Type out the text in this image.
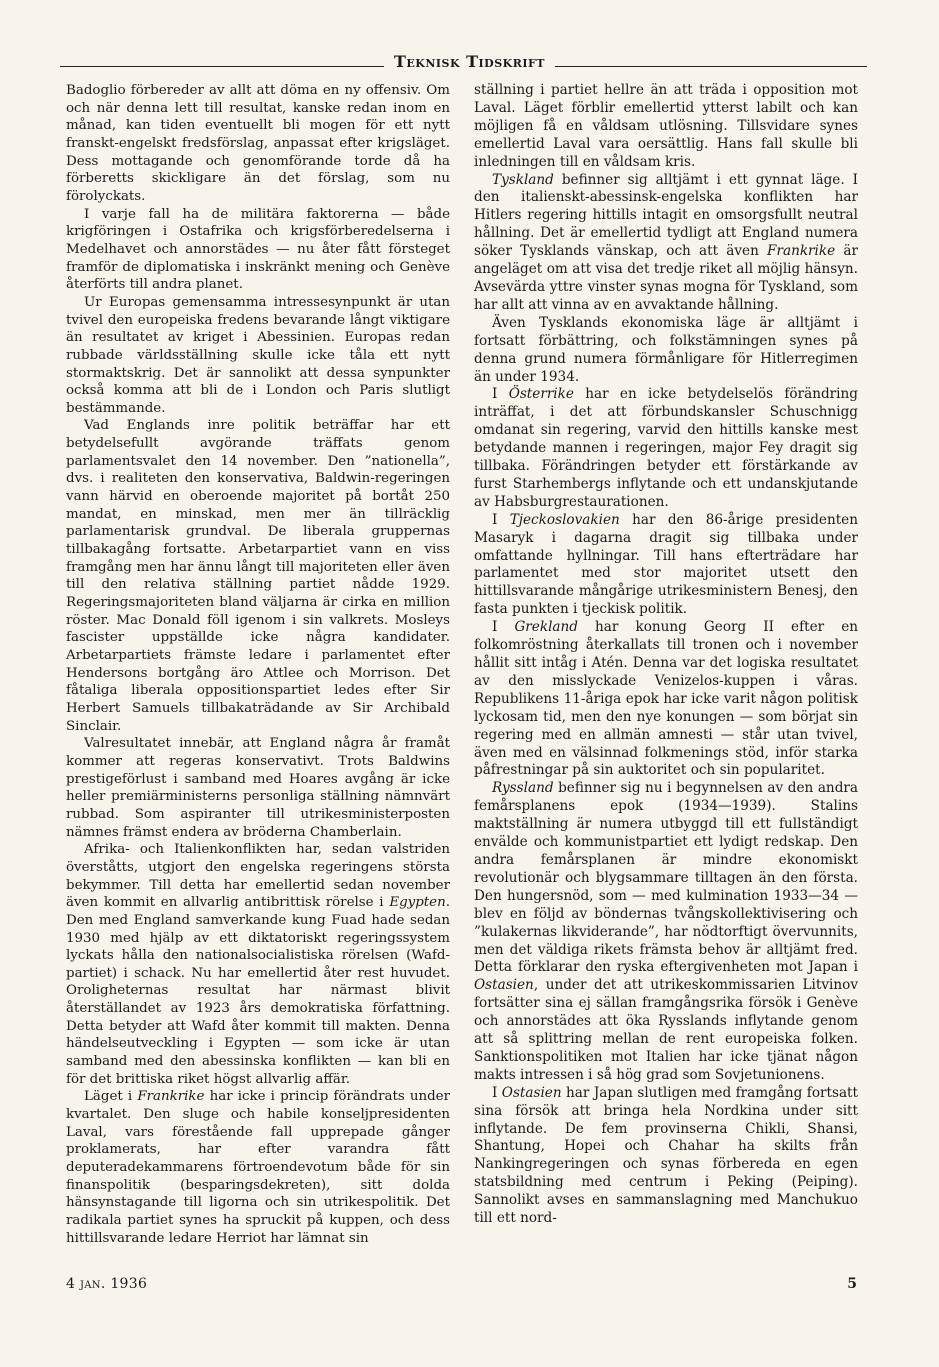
Teknisk Tidskrift

Badoglio förbereder av allt att döma en ny offensiv. Om och när denna lett till resultat, kanske redan inom en månad, kan tiden eventuellt bli mogen för ett nytt franskt-engelskt fredsförslag, anpassat efter krigsläget. Dess mottagande och genomförande torde då ha förberetts skickligare än det förslag, som nu förolyckats.

I varje fall ha de militära faktorerna — både krigföringen i Ostafrika och krigsförberedelserna i Medelhavet och annorstädes — nu åter fått försteget framför de diplomatiska i inskränkt mening och Genève återförts till andra planet.

Ur Europas gemensamma intressesynpunkt är utan tvivel den europeiska fredens bevarande långt viktigare än resultatet av kriget i Abessinien. Europas redan rubbade världsställning skulle icke tåla ett nytt stormaktskrig. Det är sannolikt att dessa synpunkter också komma att bli de i London och Paris slutligt bestämmande.

Vad Englands inre politik beträffar har ett betydelsefullt avgörande träffats genom parlamentsvalet den 14 november. Den ”nationella”, dvs. i realiteten den konservativa, Baldwin-regeringen vann härvid en oberoende majoritet på bortåt 250 mandat, en minskad, men mer än tillräcklig parlamentarisk grundval. De liberala gruppernas tillbakagång fortsatte. Arbetarpartiet vann en viss framgång men har ännu långt till majoriteten eller även till den relativa ställning partiet nådde 1929. Regeringsmajoriteten bland väljarna är cirka en million röster. Mac Donald föll igenom i sin valkrets. Mosleys fascister uppställde icke några kandidater. Arbetarpartiets främste ledare i parlamentet efter Hendersons bortgång äro Attlee och Morrison. Det fåtaliga liberala oppositionspartiet ledes efter Sir Herbert Samuels tillbakaträdande av Sir Archibald Sinclair.

Valresultatet innebär, att England några år framåt kommer att regeras konservativt. Trots Baldwins prestigeförlust i samband med Hoares avgång är icke heller premiärministerns personliga ställning nämnvärt rubbad. Som aspiranter till utrikesministerposten nämnes främst endera av bröderna Chamberlain.

Afrika- och Italienkonflikten har, sedan valstriden överståtts, utgjort den engelska regeringens största bekymmer. Till detta har emellertid sedan november även kommit en allvarlig antibrittisk rörelse i Egypten. Den med England samverkande kung Fuad hade sedan 1930 med hjälp av ett diktatoriskt regeringssystem lyckats hålla den nationalsocialistiska rörelsen (Wafd-partiet) i schack. Nu har emellertid åter rest huvudet. Oroligheternas resultat har närmast blivit återställandet av 1923 års demokratiska författning. Detta betyder att Wafd åter kommit till makten. Denna händelseutveckling i Egypten — som icke är utan samband med den abessinska konflikten — kan bli en för det brittiska riket högst allvarlig affär.

Läget i Frankrike har icke i princip förändrats under kvartalet. Den sluge och habile konseljpresidenten Laval, vars förestående fall upprepade gånger proklamerats, har efter varandra fått deputeradekammarens förtroendevotum både för sin finanspolitik (besparingsdekreten), sitt dolda hänsynstagande till ligorna och sin utrikespolitik. Det radikala partiet synes ha spruckit på kuppen, och dess hittillsvarande ledare Herriot har lämnat sin

ställning i partiet hellre än att träda i opposition mot Laval. Läget förblir emellertid ytterst labilt och kan möjligen få en våldsam utlösning. Tillsvidare synes emellertid Laval vara oersättlig. Hans fall skulle bli inledningen till en våldsam kris.

Tyskland befinner sig alltjämt i ett gynnat läge. I den italienskt-abessinsk-engelska konflikten har Hitlers regering hittills intagit en omsorgsfullt neutral hållning. Det är emellertid tydligt att England numera söker Tysklands vänskap, och att även Frankrike är angeläget om att visa det tredje riket all möjlig hänsyn. Avsevärda yttre vinster synas mogna för Tyskland, som har allt att vinna av en avvaktande hållning.

Även Tysklands ekonomiska läge är alltjämt i fortsatt förbättring, och folkstämningen synes på denna grund numera förmånligare för Hitlerregimen än under 1934.

I Österrike har en icke betydelselös förändring inträffat, i det att förbundskansler Schuschnigg omdanat sin regering, varvid den hittills kanske mest betydande mannen i regeringen, major Fey dragit sig tillbaka. Förändringen betyder ett förstärkande av furst Starhembergs inflytande och ett undanskjutande av Habsburgrestaurationen.

I Tjeckoslovakien har den 86-årige presidenten Masaryk i dagarna dragit sig tillbaka under omfattande hyllningar. Till hans efterträdare har parlamentet med stor majoritet utsett den hittillsvarande mångårige utrikesministern Benesj, den fasta punkten i tjeckisk politik.

I Grekland har konung Georg II efter en folkomröstning återkallats till tronen och i november hållit sitt intåg i Atén. Denna var det logiska resultatet av den misslyckade Venizelos-kuppen i våras. Republikens 11-åriga epok har icke varit någon politisk lyckosam tid, men den nye konungen — som börjat sin regering med en allmän amnesti — står utan tvivel, även med en välsinnad folkmenings stöd, inför starka påfrestningar på sin auktoritet och sin popularitet.

Ryssland befinner sig nu i begynnelsen av den andra femårsplanens epok (1934—1939). Stalins maktställning är numera utbyggd till ett fullständigt envälde och kommunistpartiet ett lydigt redskap. Den andra femårsplanen är mindre ekonomiskt revolutionär och blygsammare tilltagen än den första. Den hungersnöd, som — med kulmination 1933—34 — blev en följd av böndernas tvångskollektivisering och ”kulakernas likviderande”, har nödtorftigt övervunnits, men det väldiga rikets främsta behov är alltjämt fred. Detta förklarar den ryska eftergivenheten mot Japan i Ostasien, under det att utrikeskommissarien Litvinov fortsätter sina ej sällan framgångsrika försök i Genève och annorstädes att öka Rysslands inflytande genom att så splittring mellan de rent europeiska folken. Sanktionspolitiken mot Italien har icke tjänat någon makts intressen i så hög grad som Sovjetunionens.

I Ostasien har Japan slutligen med framgång fortsatt sina försök att bringa hela Nordkina under sitt inflytande. De fem provinserna Chikli, Shansi, Shantung, Hopei och Chahar ha skilts från Nankingregeringen och synas förbereda en egen statsbildning med centrum i Peking (Peiping). Sannolikt avses en sammanslagning med Manchukuo till ett nord-

4 jan. 1936	5
